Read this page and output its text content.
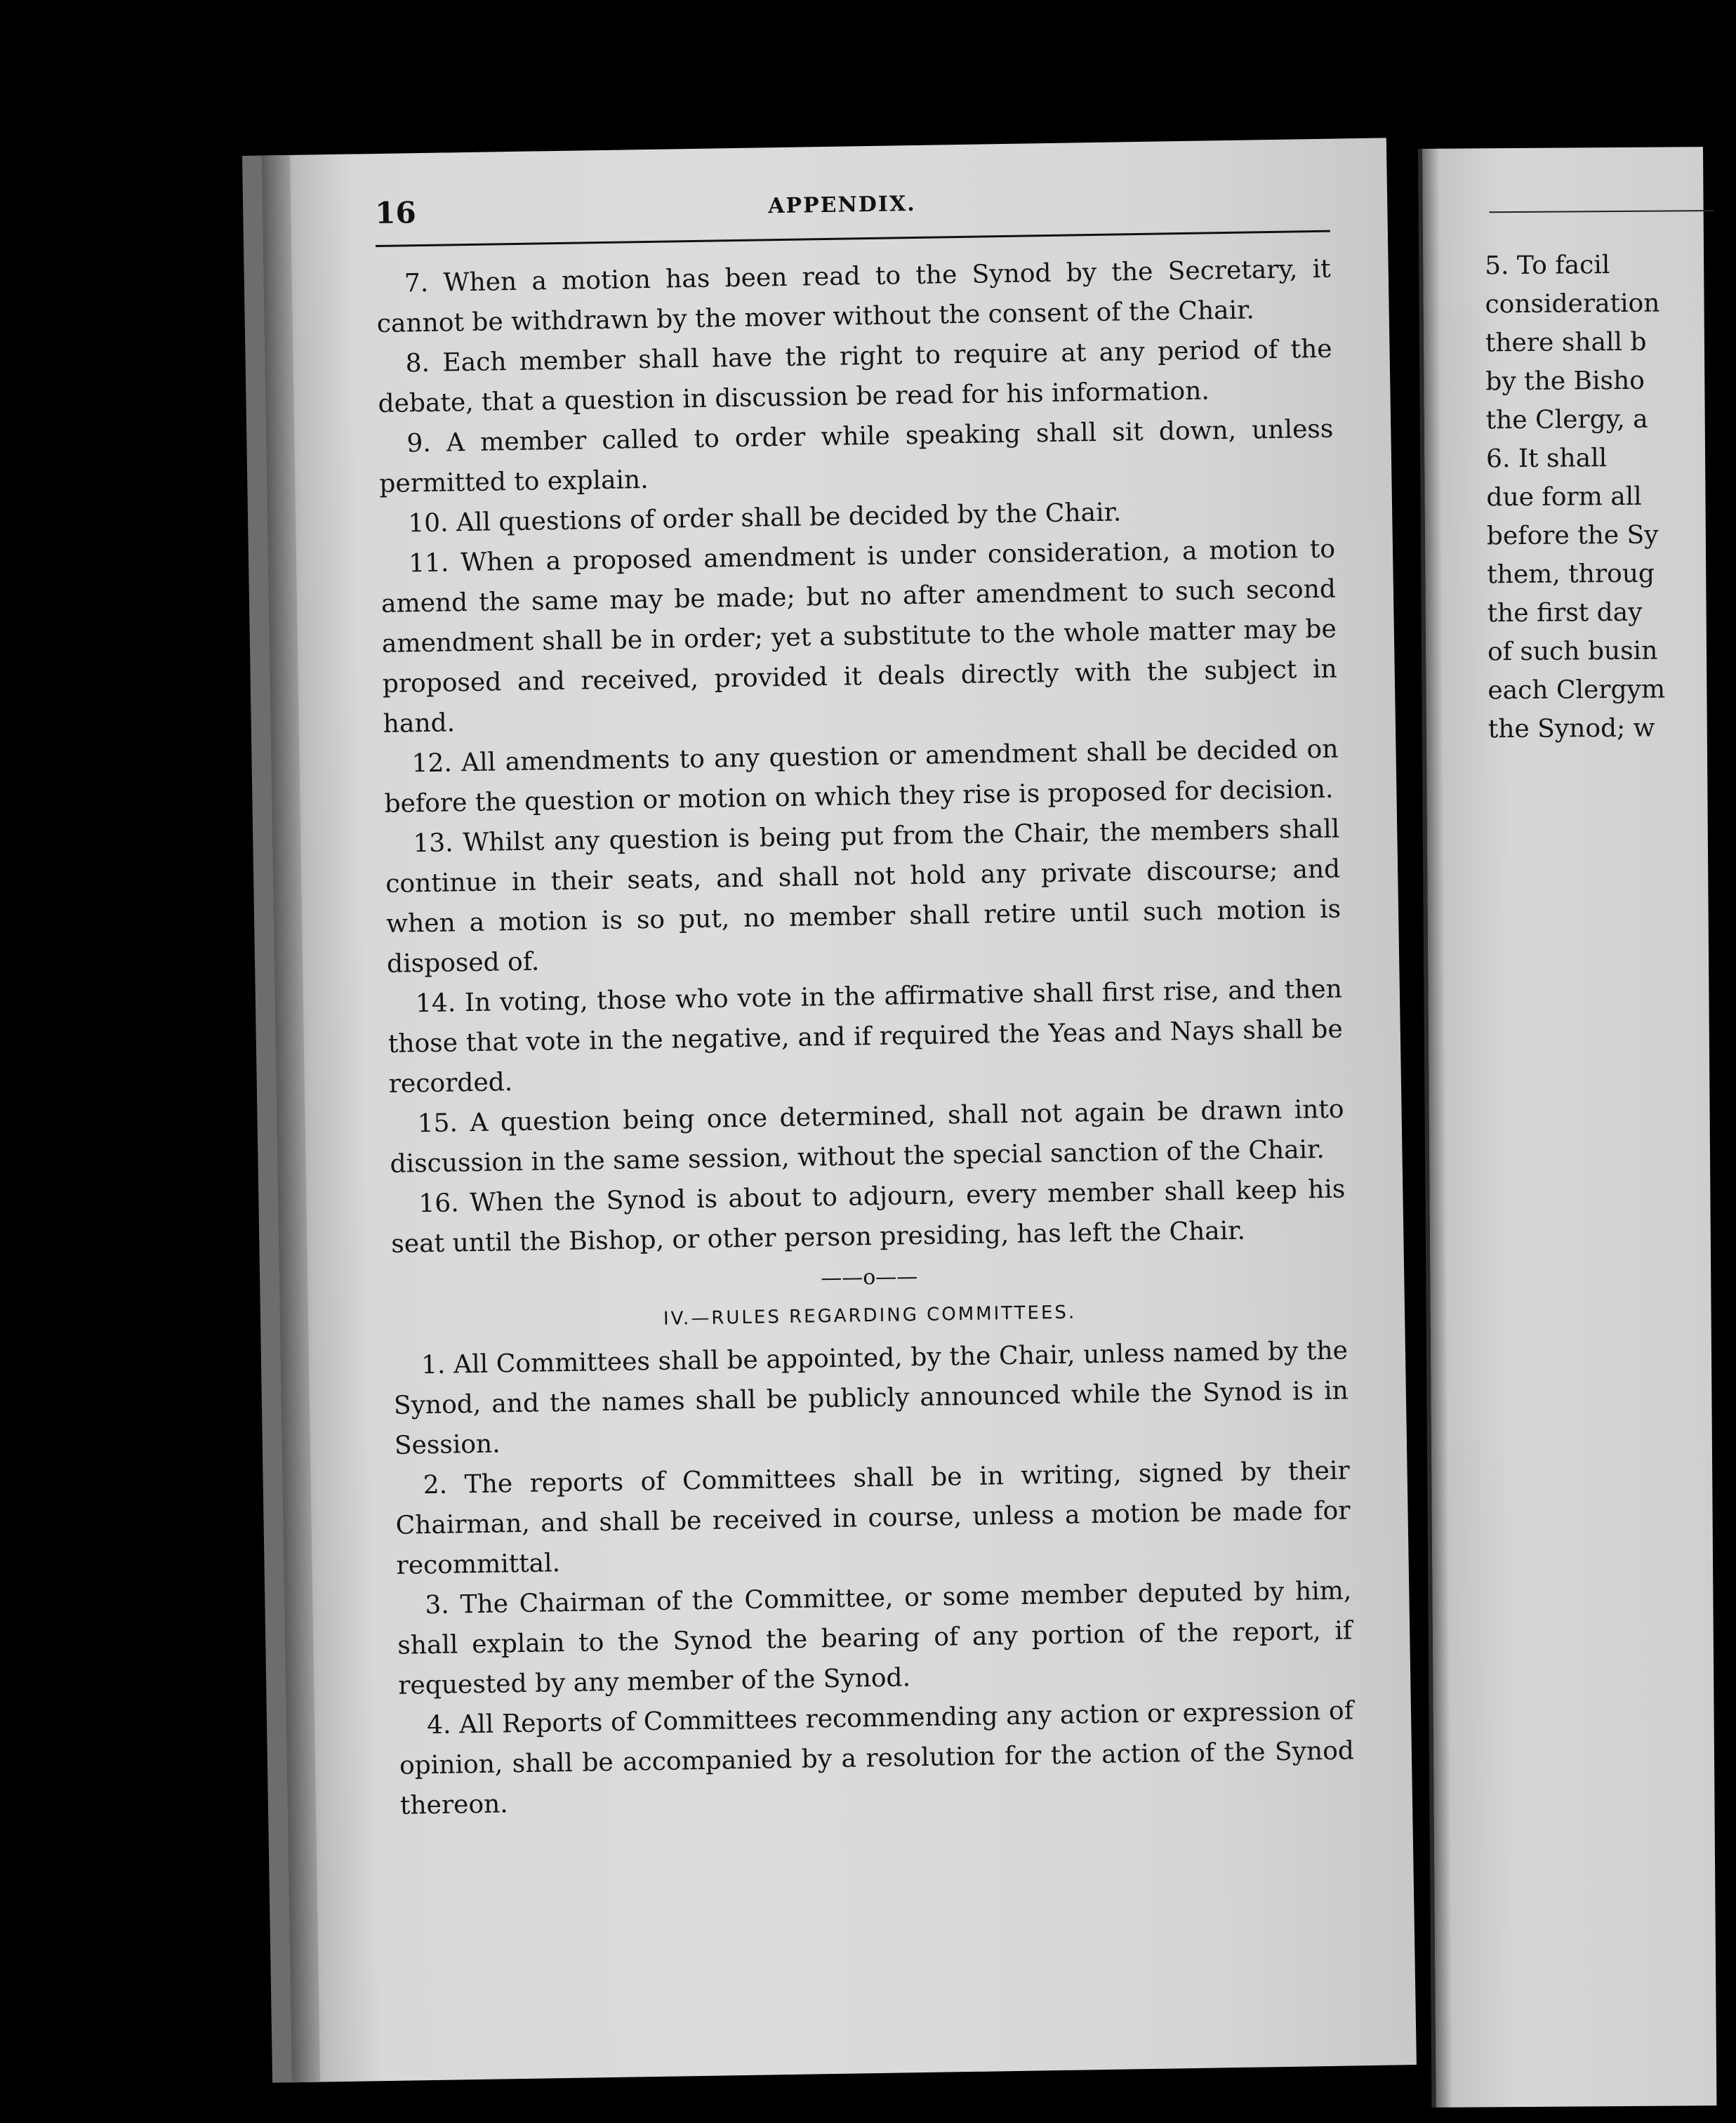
16	APPENDIX.

7. When a motion has been read to the Synod by the Secretary, it cannot be withdrawn by the mover without the consent of the Chair.

8. Each member shall have the right to require at any period of the debate, that a question in discussion be read for his information.

9. A member called to order while speaking shall sit down, unless permitted to explain.

10. All questions of order shall be decided by the Chair.

11. When a proposed amendment is under consideration, a motion to amend the same may be made; but no after amendment to such second amendment shall be in order; yet a substitute to the whole matter may be proposed and received, provided it deals directly with the subject in hand.

12. All amendments to any question or amendment shall be decided on before the question or motion on which they rise is proposed for decision.

13. Whilst any question is being put from the Chair, the members shall continue in their seats, and shall not hold any private discourse; and when a motion is so put, no member shall retire until such motion is disposed of.

14. In voting, those who vote in the affirmative shall first rise, and then those that vote in the negative, and if required the Yeas and Nays shall be recorded.

15. A question being once determined, shall not again be drawn into discussion in the same session, without the special sanction of the Chair.

16. When the Synod is about to adjourn, every member shall keep his seat until the Bishop, or other person presiding, has left the Chair.

——o——
IV.—RULES REGARDING COMMITTEES.

1. All Committees shall be appointed, by the Chair, unless named by the Synod, and the names shall be publicly announced while the Synod is in Session.

2. The reports of Committees shall be in writing, signed by their Chairman, and shall be received in course, unless a motion be made for recommittal.

3. The Chairman of the Committee, or some member deputed by him, shall explain to the Synod the bearing of any portion of the report, if requested by any member of the Synod.

4. All Reports of Committees recommending any action or expression of opinion, shall be accompanied by a resolution for the action of the Synod thereon.

5. To facil

consideration

there shall b

by the Bisho

the Clergy, a

6. It shall

due form all

before the Sy

them, throug

the first day

of such busin

each Clergym

the Synod; w
